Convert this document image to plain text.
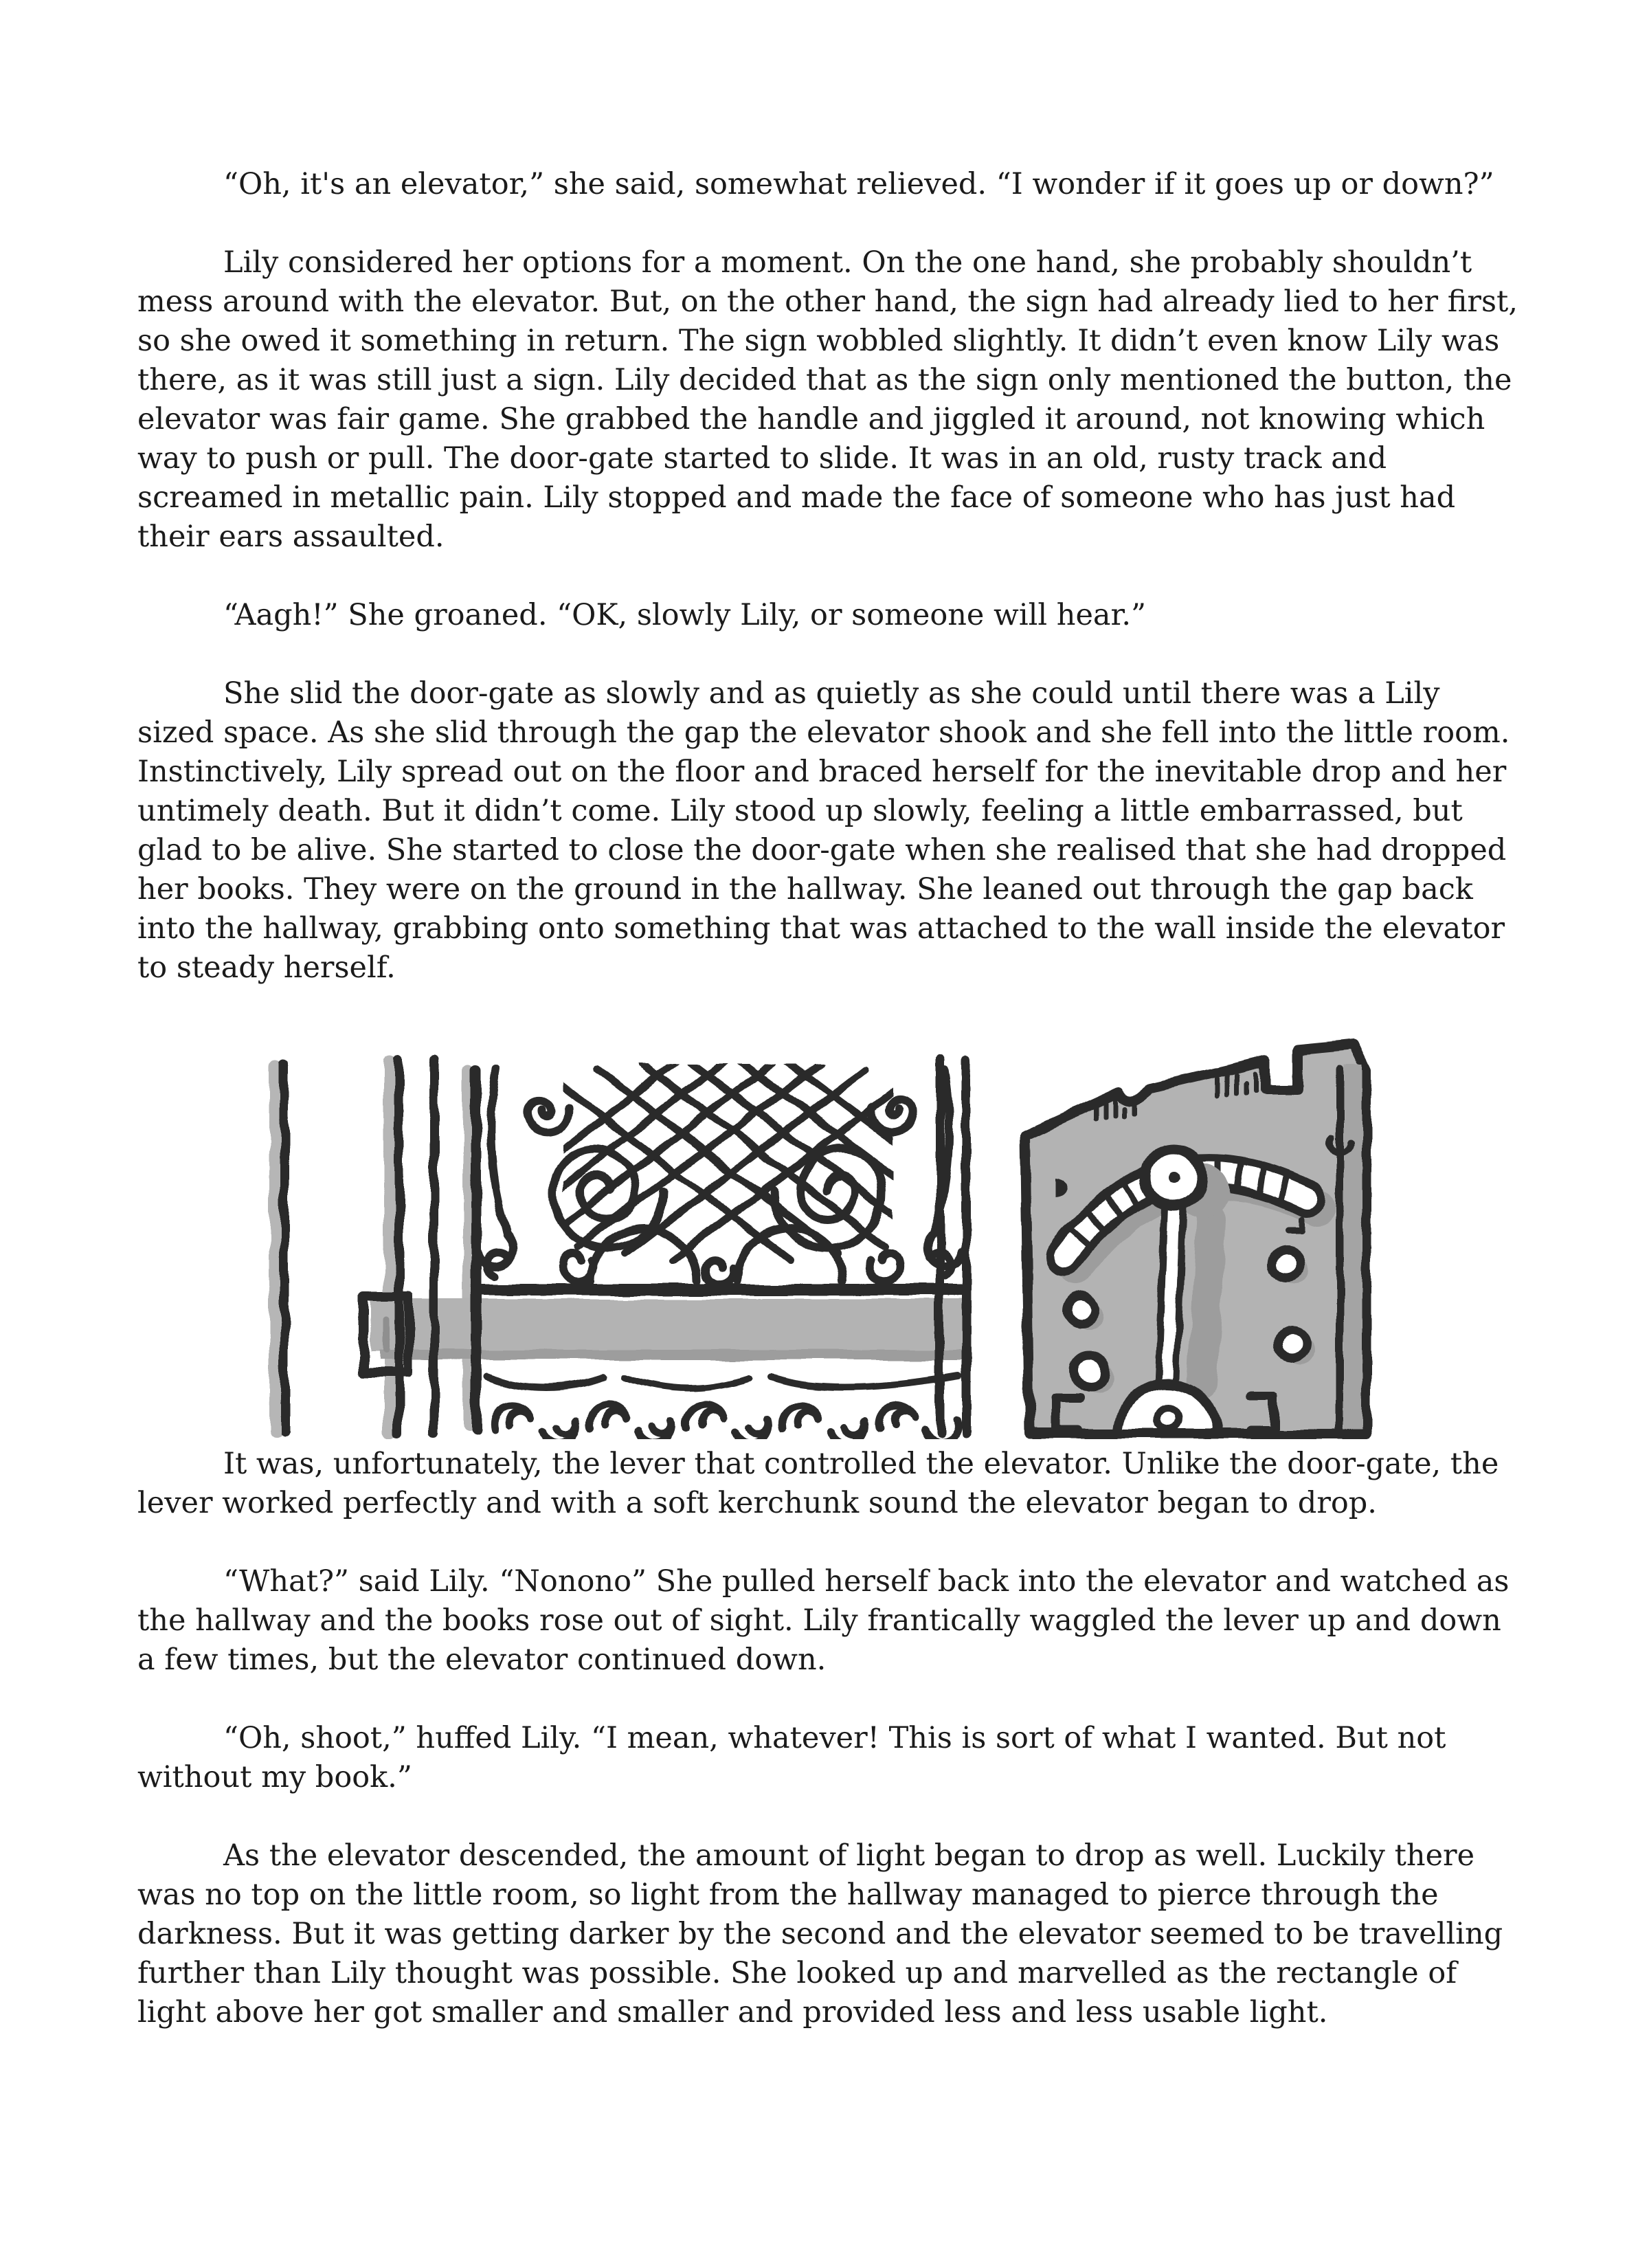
“Oh, it's an elevator,” she said, somewhat relieved. “I wonder if it goes up or down?”

Lily considered her options for a moment. On the one hand, she probably shouldn’t mess around with the elevator. But, on the other hand, the sign had already lied to her first, so she owed it something in return. The sign wobbled slightly. It didn’t even know Lily was there, as it was still just a sign. Lily decided that as the sign only mentioned the button, the elevator was fair game. She grabbed the handle and jiggled it around, not knowing which way to push or pull. The door-gate started to slide. It was in an old, rusty track and screamed in metallic pain. Lily stopped and made the face of someone who has just had their ears assaulted.

“Aagh!” She groaned. “OK, slowly Lily, or someone will hear.”

She slid the door-gate as slowly and as quietly as she could until there was a Lily sized space. As she slid through the gap the elevator shook and she fell into the little room. Instinctively, Lily spread out on the floor and braced herself for the inevitable drop and her untimely death. But it didn’t come. Lily stood up slowly, feeling a little embarrassed, but glad to be alive. She started to close the door-gate when she realised that she had dropped her books. They were on the ground in the hallway. She leaned out through the gap back into the hallway, grabbing onto something that was attached to the wall inside the elevator to steady herself.

It was, unfortunately, the lever that controlled the elevator. Unlike the door-gate, the lever worked perfectly and with a soft kerchunk sound the elevator began to drop.

“What?” said Lily. “Nonono” She pulled herself back into the elevator and watched as the hallway and the books rose out of sight. Lily frantically waggled the lever up and down a few times, but the elevator continued down.

“Oh, shoot,” huffed Lily. “I mean, whatever! This is sort of what I wanted. But not without my book.”

As the elevator descended, the amount of light began to drop as well. Luckily there was no top on the little room, so light from the hallway managed to pierce through the darkness. But it was getting darker by the second and the elevator seemed to be travelling further than Lily thought was possible. She looked up and marvelled as the rectangle of light above her got smaller and smaller and provided less and less usable light.
